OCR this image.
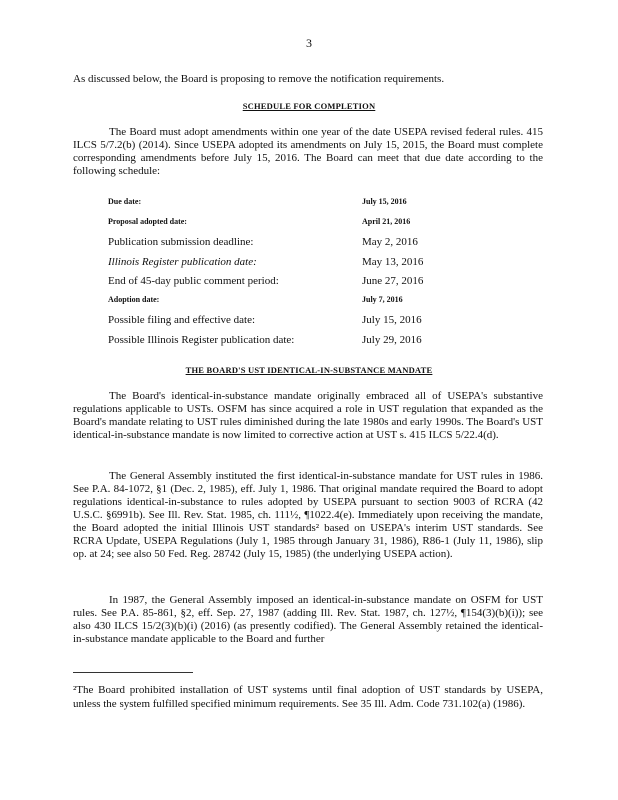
3

As discussed below, the Board is proposing to remove the notification requirements.

SCHEDULE FOR COMPLETION

The Board must adopt amendments within one year of the date USEPA revised federal rules. 415 ILCS 5/7.2(b) (2014). Since USEPA adopted its amendments on July 15, 2015, the Board must complete corresponding amendments before July 15, 2016. The Board can meet that due date according to the following schedule:

Due date:	July 15, 2016
Proposal adopted date:	April 21, 2016
Publication submission deadline:	May 2, 2016
Illinois Register publication date:	May 13, 2016
End of 45-day public comment period:	June 27, 2016
Adoption date:	July 7, 2016
Possible filing and effective date:	July 15, 2016
Possible Illinois Register publication date:	July 29, 2016
THE BOARD'S UST IDENTICAL-IN-SUBSTANCE MANDATE

The Board's identical-in-substance mandate originally embraced all of USEPA's substantive regulations applicable to USTs. OSFM has since acquired a role in UST regulation that expanded as the Board's mandate relating to UST rules diminished during the late 1980s and early 1990s. The Board's UST identical-in-substance mandate is now limited to corrective action at UST s. 415 ILCS 5/22.4(d).

The General Assembly instituted the first identical-in-substance mandate for UST rules in 1986. See P.A. 84-1072, §1 (Dec. 2, 1985), eff. July 1, 1986. That original mandate required the Board to adopt regulations identical-in-substance to rules adopted by USEPA pursuant to section 9003 of RCRA (42 U.S.C. §6991b). See Ill. Rev. Stat. 1985, ch. 111½, ¶1022.4(e). Immediately upon receiving the mandate, the Board adopted the initial Illinois UST standards² based on USEPA's interim UST standards. See RCRA Update, USEPA Regulations (July 1, 1985 through January 31, 1986), R86-1 (July 11, 1986), slip op. at 24; see also 50 Fed. Reg. 28742 (July 15, 1985) (the underlying USEPA action).

In 1987, the General Assembly imposed an identical-in-substance mandate on OSFM for UST rules. See P.A. 85-861, §2, eff. Sep. 27, 1987 (adding Ill. Rev. Stat. 1987, ch. 127½, ¶154(3)(b)(i)); see also 430 ILCS 15/2(3)(b)(i) (2016) (as presently codified). The General Assembly retained the identical-in-substance mandate applicable to the Board and further

²The Board prohibited installation of UST systems until final adoption of UST standards by USEPA, unless the system fulfilled specified minimum requirements. See 35 Ill. Adm. Code 731.102(a) (1986).
